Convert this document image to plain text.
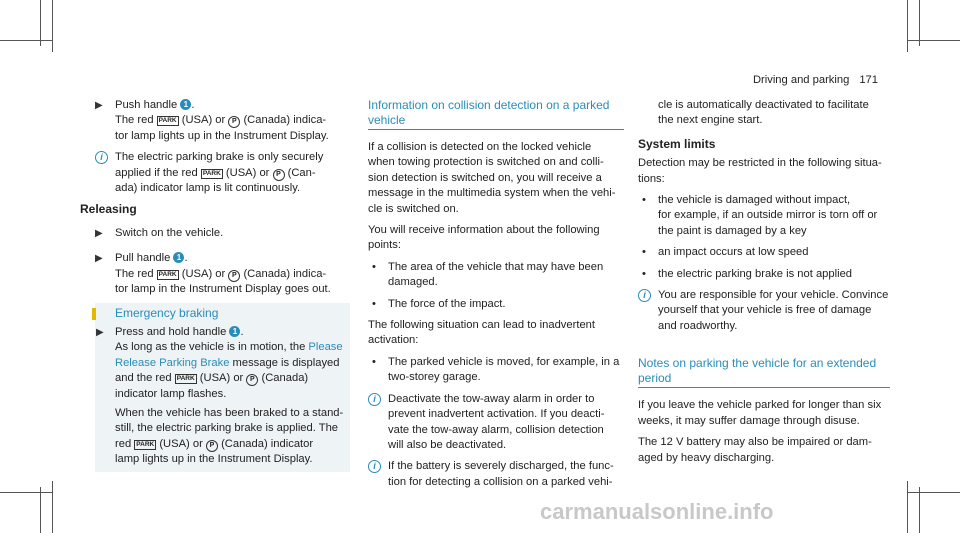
Driving and parking 171
▶ Push handle 1 .
The red PARK (USA) or P (Canada) indica-
tor lamp lights up in the Instrument Display.
i	The electric parking brake is only securely
applied if the red PARK (USA) or P (Can-
ada) indicator lamp is lit continuously.
Releasing
▶ Switch on the vehicle.
▶ Pull handle 1 .
The red PARK (USA) or P (Canada) indica-
tor lamp in the Instrument Display goes out.
Emergency braking
▶ Press and hold handle 1 .
As long as the vehicle is in motion, the Please
Release Parking Brake message is displayed
and the red PARK (USA) or P (Canada)
indicator lamp flashes.
When the vehicle has been braked to a stand-
still, the electric parking brake is applied. The
red PARK (USA) or P (Canada) indicator
lamp lights up in the Instrument Display.
Information on collision detection on a parked
vehicle

If a collision is detected on the locked vehicle
when towing protection is switched on and colli-
sion detection is switched on, you will receive a
message in the multimedia system when the vehi-
cle is switched on.

You will receive information about the following
points:

• The area of the vehicle that may have been
damaged.
• The force of the impact.

The following situation can lead to inadvertent
activation:

• The parked vehicle is moved, for example, in a
two-storey garage.
i	Deactivate the tow-away alarm in order to
prevent inadvertent activation. If you deacti-
vate the tow-away alarm, collision detection
will also be deactivated.
i	If the battery is severely discharged, the func-
tion for detecting a collision on a parked vehi-

cle is automatically deactivated to facilitate
the next engine start.

System limits

Detection may be restricted in the following situa-
tions:

• the vehicle is damaged without impact,
for example, if an outside mirror is torn off or
the paint is damaged by a key
• an impact occurs at low speed
• the electric parking brake is not applied
i	You are responsible for your vehicle. Convince
yourself that your vehicle is free of damage
and roadworthy.
Notes on parking the vehicle for an extended
period

If you leave the vehicle parked for longer than six
weeks, it may suffer damage through disuse.

The 12 V battery may also be impaired or dam-
aged by heavy discharging.

carmanualsonline.info
